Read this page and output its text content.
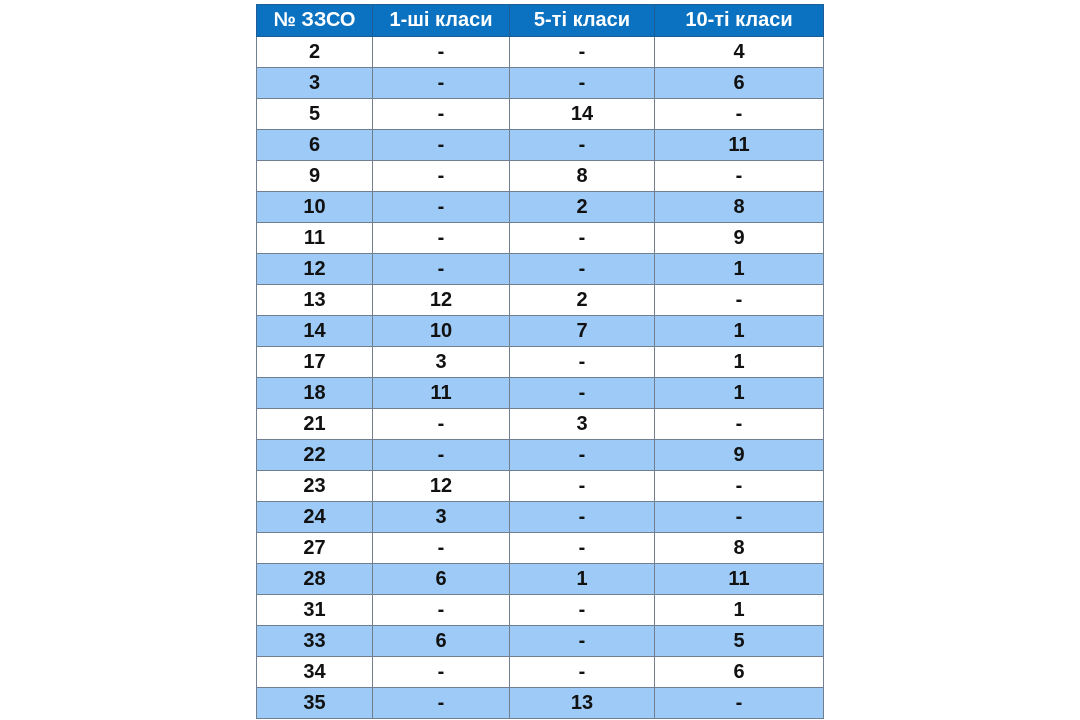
№ ЗЗСО	1-ші класи	5-ті класи	10-ті класи
2	-	-	4
3	-	-	6
5	-	14	-
6	-	-	11
9	-	8	-
10	-	2	8
11	-	-	9
12	-	-	1
13	12	2	-
14	10	7	1
17	3	-	1
18	11	-	1
21	-	3	-
22	-	-	9
23	12	-	-
24	3	-	-
27	-	-	8
28	6	1	11
31	-	-	1
33	6	-	5
34	-	-	6
35	-	13	-
